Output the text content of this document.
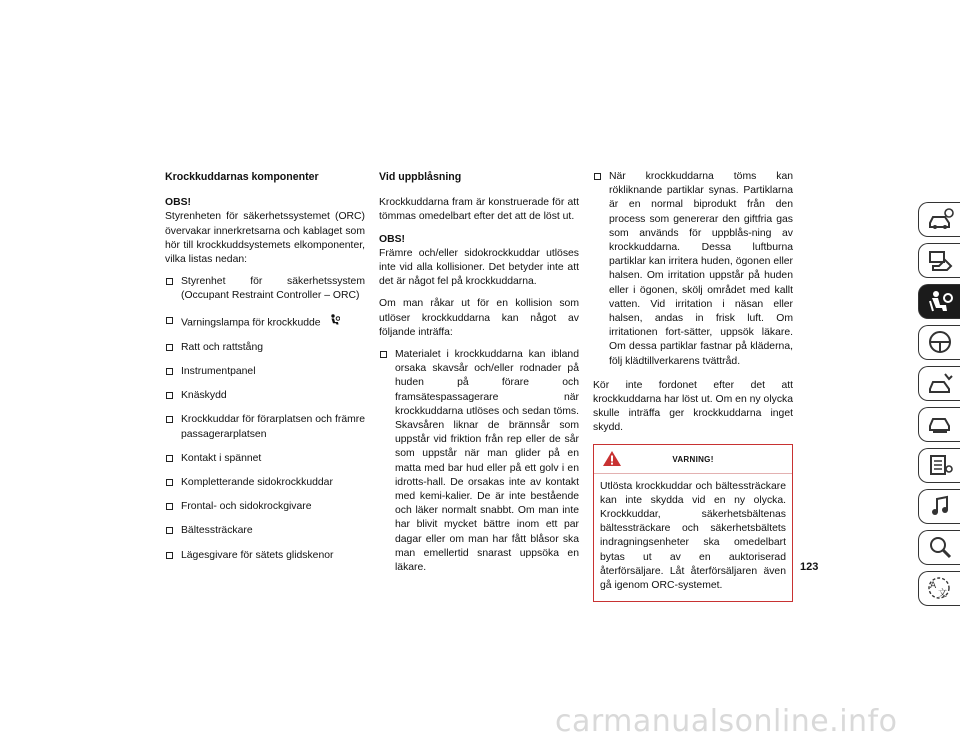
Krockkuddarnas komponenter
OBS!

Styrenheten för säkerhetssystemet (ORC) övervakar innerkretsarna och kablaget som hör till krockkuddsystemets elkomponenter, vilka listas nedan:

Styrenhet för säkerhetssystem (Occupant Restraint Controller – ORC)
Varningslampa för krockkudde
Ratt och rattstång
Instrumentpanel
Knäskydd
Krockkuddar för förarplatsen och främre passagerarplatsen
Kontakt i spännet
Kompletterande sidokrockkuddar
Frontal- och sidokrockgivare
Bältessträckare
Lägesgivare för sätets glidskenor
Vid uppblåsning

Krockkuddarna fram är konstruerade för att tömmas omedelbart efter det att de löst ut.

OBS!

Främre och/eller sidokrockkuddar utlöses inte vid alla kollisioner. Det betyder inte att det är något fel på krockkuddarna.

Om man råkar ut för en kollision som utlöser krockkuddarna kan något av följande inträffa:

Materialet i krockkuddarna kan ibland orsaka skavsår och/eller rodnader på huden på förare och framsätespassagerare när krockkuddarna utlöses och sedan töms. Skavsåren liknar de brännsår som uppstår vid friktion från rep eller de sår som uppstår när man glider på en matta med bar hud eller på ett golv i en idrotts-hall. De orsakas inte av kontakt med kemi-kalier. De är inte bestående och läker normalt snabbt. Om man inte har blivit mycket bättre inom ett par dagar eller om man har fått blåsor ska man emellertid snarast uppsöka en läkare.
När krockkuddarna töms kan rökliknande partiklar synas. Partiklarna är en normal biprodukt från den process som genererar den giftfria gas som används för uppblås-ning av krockkuddarna. Dessa luftburna partiklar kan irritera huden, ögonen eller halsen. Om irritation uppstår på huden eller i ögonen, skölj området med kallt vatten. Vid irritation i näsan eller halsen, andas in frisk luft. Om irritationen fort-sätter, uppsök läkare. Om dessa partiklar fastnar på kläderna, följ klädtillverkarens tvättråd.

Kör inte fordonet efter det att krockkuddarna har löst ut. Om en ny olycka skulle inträffa ger krockkuddarna inget skydd.

VARNING!
Utlösta krockkuddar och bältessträckare kan inte skydda vid en ny olycka. Krockkuddar, säkerhetsbältenas bältessträckare och säkerhetsbältets indragningsenheter ska omedelbart bytas ut av en auktoriserad återförsäljare. Låt återförsäljaren även gå igenom ORC-systemet.	A
文
123
carmanualsonline.info
